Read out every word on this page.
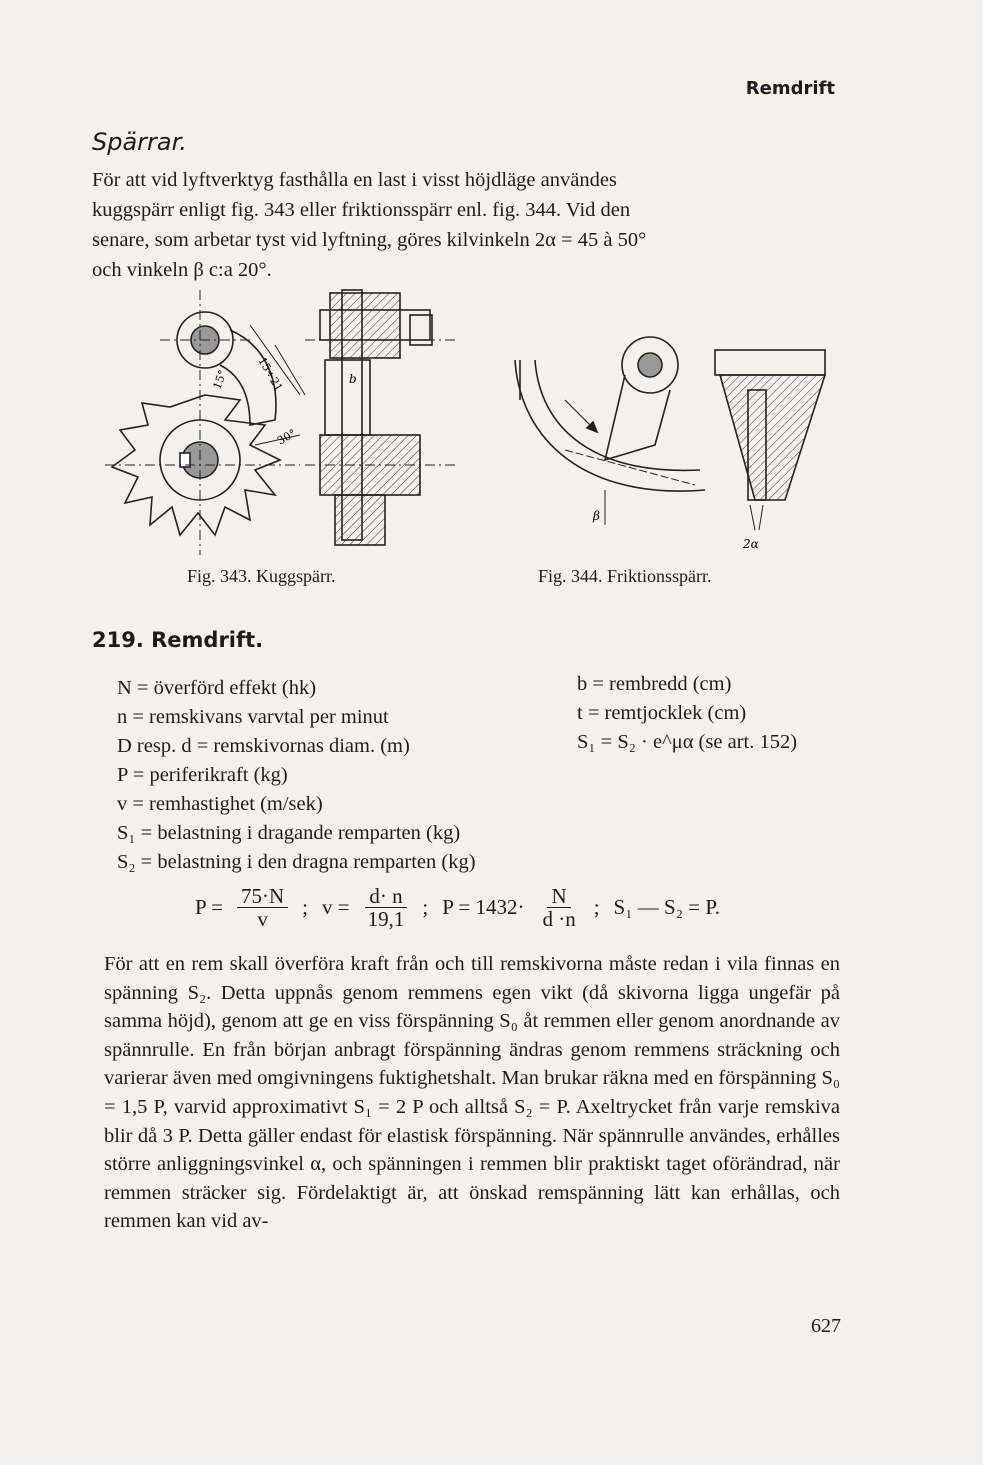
Remdrift
Spärrar.
För att vid lyftverktyg fasthålla en last i visst höjdläge användes
kuggspärr enligt fig. 343 eller friktionsspärr enl. fig. 344. Vid den
senare, som arbetar tyst vid lyftning, göres kilvinkeln 2α = 45 à 50°
och vinkeln β c:a 20°.
15÷21	b
15°
30°
β
2α
Fig. 343. Kuggspärr.	Fig. 344. Friktionsspärr.
219. Remdrift.
N = överförd effekt (hk)
n = remskivans varvtal per minut
D resp. d = remskivornas diam. (m)
P = periferikraft (kg)
v = remhastighet (m/sek)
S₁ = belastning i dragande remparten (kg)
S₂ = belastning i den dragna remparten (kg)
b = rembredd (cm)
t = remtjocklek (cm)
S₁ = S₂ · e^μα (se art. 152)
$P = \frac{75\cdot N}{v}$ ; $v = \frac{d\cdot n}{19,1}$ ; $P = 1432\cdot \frac{N}{d \cdot n}$ ; S₁ — S₂ = P.
För att en rem skall överföra kraft från och till remskivorna måste redan i vila finnas en spänning S₂. Detta uppnås genom remmens egen vikt (då skivorna ligga ungefär på samma höjd), genom att ge en viss förspänning S₀ åt remmen eller genom anordnande av spännrulle. En från början anbragt förspänning ändras genom remmens sträckning och varierar även med omgivningens fuktighetshalt. Man brukar räkna med en förspänning S₀ = 1,5 P, varvid approximativt S₁ = 2 P och alltså S₂ = P. Axeltrycket från varje remskiva blir då 3 P. Detta gäller endast för elastisk förspänning. När spännrulle användes, erhålles större anliggningsvinkel α, och spänningen i remmen blir praktiskt taget oförändrad, när remmen sträcker sig. Fördelaktigt är, att önskad remspänning lätt kan erhållas, och remmen kan vid av-
627
